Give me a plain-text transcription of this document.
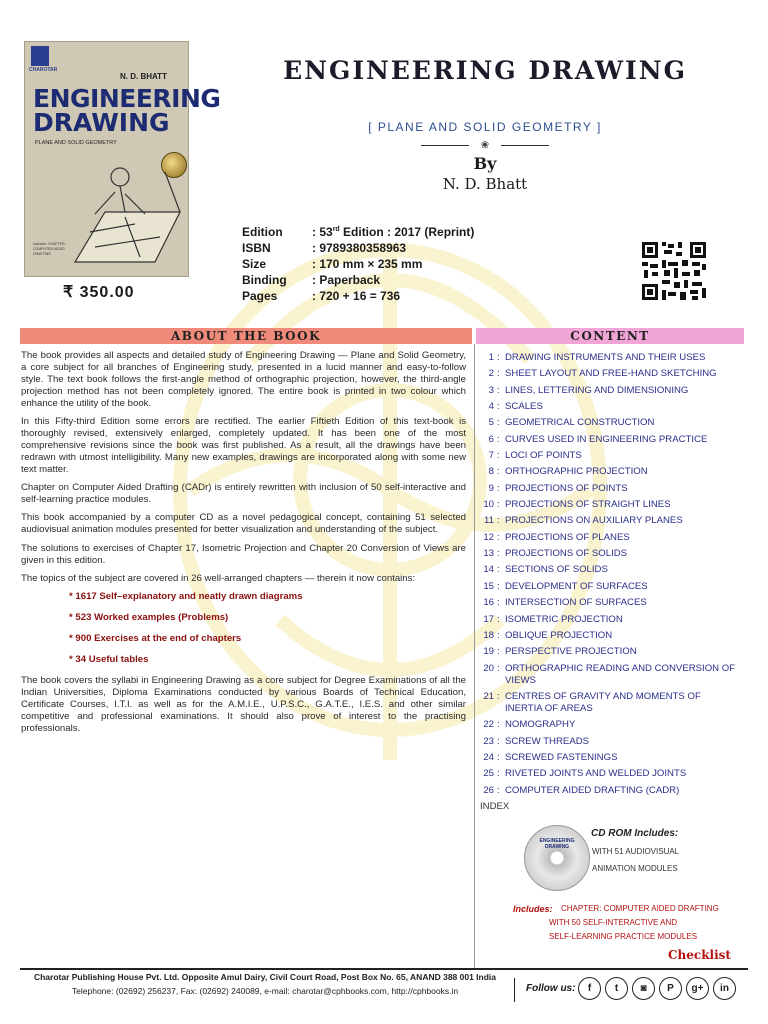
CHAROTAR
N. D. BHATT
ENGINEERING
DRAWING
PLANE AND SOLID GEOMETRY
Includes: CHAPTER: COMPUTER AIDED DRAFTING
₹ 350.00
ENGINEERING DRAWING
[ PLANE AND SOLID GEOMETRY ]
❀
By
N. D. Bhatt
Edition	: 53rd Edition : 2017 (Reprint)
ISBN	: 9789380358963
Size	: 170 mm × 235 mm
Binding	: Paperback
Pages	: 720 + 16 = 736
ABOUT THE BOOK	CONTENT

The book provides all aspects and detailed study of Engineering Drawing — Plane and Solid Geometry, a core subject for all branches of Engineering study, presented in a lucid manner and easy-to-follow style. The text book follows the first-angle method of orthographic projection, however, the third-angle projection method has not been completely ignored. The entire book is printed in two colour which enhance the utility of the book.

In this Fifty-third Edition some errors are rectified. The earlier Fiftieth Edition of this text-book is thoroughly revised, extensively enlarged, completely updated. It has been one of the most comprehensive revisions since the book was first published. As a result, all the drawings have been redrawn with utmost intelligibility. Many new examples, drawings are incorporated along with some new text matter.

Chapter on Computer Aided Drafting (CADr) is entirely rewritten with inclusion of 50 self-interactive and self-learning practice modules.

This book accompanied by a computer CD as a novel pedagogical concept, containing 51 selected audiovisual animation modules presented for better visualization and understanding of the subject.

The solutions to exercises of Chapter 17, Isometric Projection and Chapter 20 Conversion of Views are given in this edition.

The topics of the subject are covered in 26 well-arranged chapters — therein it now contains:

* 1617 Self–explanatory and neatly drawn diagrams
* 523 Worked examples (Problems)
* 900 Exercises at the end of chapters
* 34 Useful tables

The book covers the syllabi in Engineering Drawing as a core subject for Degree Examinations of all the Indian Universities, Diploma Examinations conducted by various Boards of Technical Education, Certificate Courses, I.T.I. as well as for the A.M.I.E., U.P.S.C., G.A.T.E., I.E.S. and other similar competitive and professional examinations. It should also prove of interest to the practising professionals.

1 : DRAWING INSTRUMENTS AND THEIR USES
2 : SHEET LAYOUT AND FREE-HAND SKETCHING
3 : LINES, LETTERING AND DIMENSIONING
4 : SCALES
5 : GEOMETRICAL CONSTRUCTION
6 : CURVES USED IN ENGINEERING PRACTICE
7 : LOCI OF POINTS
8 : ORTHOGRAPHIC PROJECTION
9 : PROJECTIONS OF POINTS
10 : PROJECTIONS OF STRAIGHT LINES
11 : PROJECTIONS ON AUXILIARY PLANES
12 : PROJECTIONS OF PLANES
13 : PROJECTIONS OF SOLIDS
14 : SECTIONS OF SOLIDS
15 : DEVELOPMENT OF SURFACES
16 : INTERSECTION OF SURFACES
17 : ISOMETRIC PROJECTION
18 : OBLIQUE PROJECTION
19 : PERSPECTIVE PROJECTION
20 : ORTHOGRAPHIC READING AND CONVERSION OF VIEWS
21 : CENTRES OF GRAVITY AND MOMENTS OF INERTIA OF AREAS
22 : NOMOGRAPHY
23 : SCREW THREADS
24 : SCREWED FASTENINGS
25 : RIVETED JOINTS AND WELDED JOINTS
26 : COMPUTER AIDED DRAFTING (CADR)
INDEX
ENGINEERING DRAWING
CD ROM Includes:
WITH 51 AUDIOVISUAL
ANIMATION MODULES
Includes: CHAPTER: COMPUTER AIDED DRAFTING
WITH 50 SELF-INTERACTIVE AND
SELF-LEARNING PRACTICE MODULES
Checklist
Charotar Publishing House Pvt. Ltd. Opposite Amul Dairy, Civil Court Road, Post Box No. 65, ANAND 388 001 India
Telephone: (02692) 256237, Fax: (02692) 240089, e-mail: charotar@cphbooks.com, http://cphbooks.in	Follow us:	f	t	◙	P	g+	in
